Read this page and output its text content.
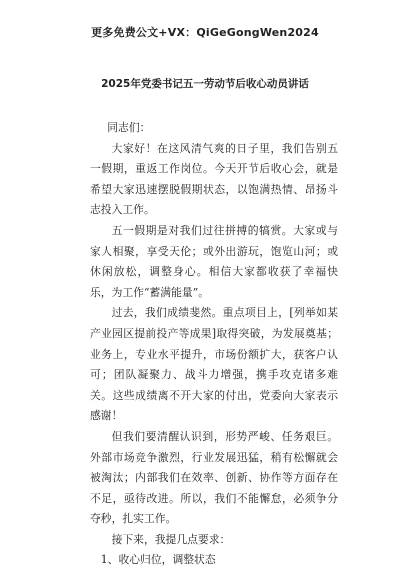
更多免费公文+VX：QiGeGongWen2024
2025年党委书记五一劳动节后收心动员讲话

同志们：

大家好！在这风清气爽的日子里，我们告别五一假期，重返工作岗位。今天开节后收心会，就是希望大家迅速摆脱假期状态，以饱满热情、昂扬斗志投入工作。

五一假期是对我们过往拼搏的犒赏。大家或与家人相聚，享受天伦；或外出游玩，饱览山河；或休闲放松，调整身心。相信大家都收获了幸福快乐，为工作“蓄满能量”。

过去，我们成绩斐然。重点项目上，[列举如某产业园区提前投产等成果]取得突破，为发展奠基；业务上，专业水平提升，市场份额扩大，获客户认可；团队凝聚力、战斗力增强，携手攻克诸多难关。这些成绩离不开大家的付出，党委向大家表示感谢！

但我们要清醒认识到，形势严峻、任务艰巨。外部市场竞争激烈，行业发展迅猛，稍有松懈就会被淘汰；内部我们在效率、创新、协作等方面存在不足，亟待改进。所以，我们不能懈怠，必须争分夺秒，扎实工作。

接下来，我提几点要求：

1、收心归位，调整状态
